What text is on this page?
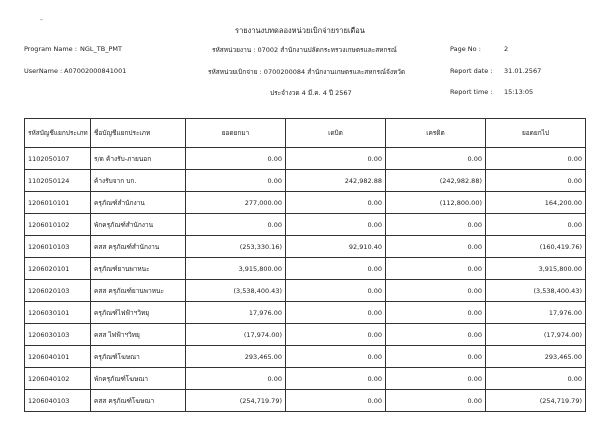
-
รายงานงบทดลองหน่วยเบิกจ่ายรายเดือน
Program Name : NGL_TB_PMT
UserName : A07002000841001
รหัสหน่วยงาน : 07002 สำนักงานปลัดกระทรวงเกษตรและสหกรณ์
รหัสหน่วยเบิกจ่าย : 0700200084 สำนักงานเกษตรและสหกรณ์จังหวัด
ประจำงวด 4 มี.ค. 4 ปี 2567
Page No :	2
Report date : 31.01.2567
Report time : 15:13:05
รหัสบัญชีแยกประเภท	ชื่อบัญชีแยกประเภท	ยอดยกมา	เดบิต	เครดิต	ยอดยกไป
1102050107	ร/ด ค้างรับ-ภายนอก	0.00	0.00	0.00	0.00
1102050124	ค้างรับจาก บก.	0.00	242,982.88	(242,982.88)	0.00
1206010101	ครุภัณฑ์สำนักงาน	277,000.00	0.00	(112,800.00)	164,200.00
1206010102	พักครุภัณฑ์สำนักงาน	0.00	0.00	0.00	0.00
1206010103	คสส ครุภัณฑ์สำนักงาน	(253,330.16)	92,910.40	0.00	(160,419.76)
1206020101	ครุภัณฑ์ยานพาหนะ	3,915,800.00	0.00	0.00	3,915,800.00
1206020103	คสส ครุภัณฑ์ยานพาหนะ	(3,538,400.43)	0.00	0.00	(3,538,400.43)
1206030101	ครุภัณฑ์ไฟฟ้าฯวิทยุ	17,976.00	0.00	0.00	17,976.00
1206030103	คสส ไฟฟ้าฯวิทยุ	(17,974.00)	0.00	0.00	(17,974.00)
1206040101	ครุภัณฑ์โฆษณา	293,465.00	0.00	0.00	293,465.00
1206040102	พักครุภัณฑ์โฆษณา	0.00	0.00	0.00	0.00
1206040103	คสส ครุภัณฑ์โฆษณา	(254,719.79)	0.00	0.00	(254,719.79)
